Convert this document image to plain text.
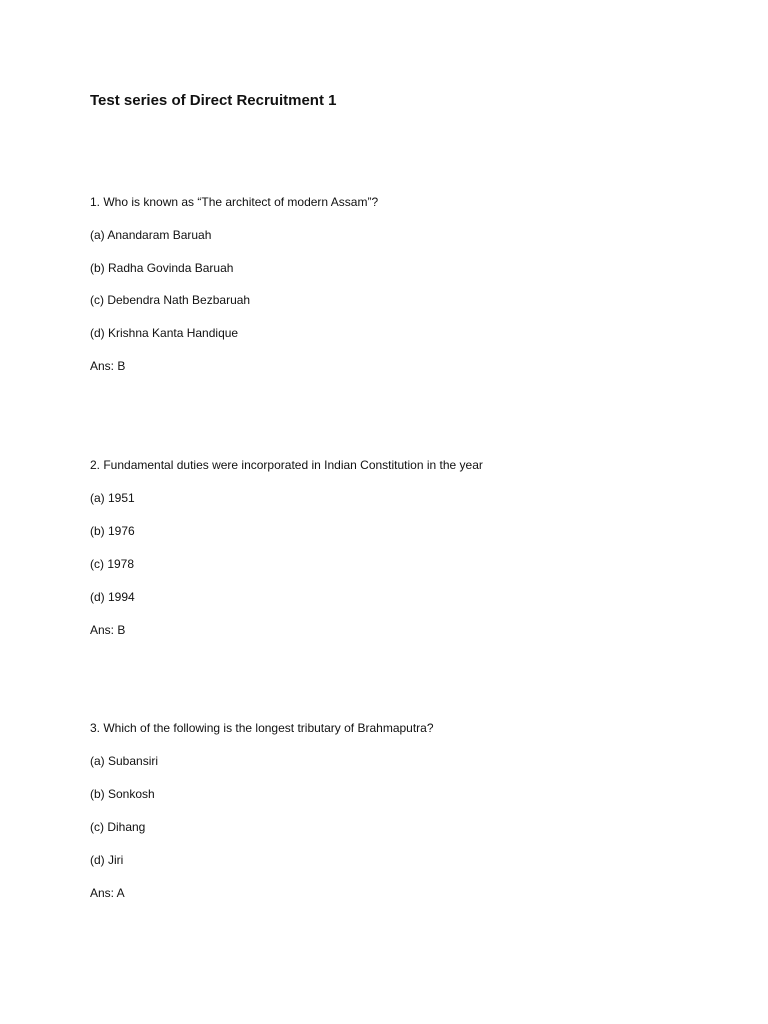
Test series of Direct Recruitment 1
1. Who is known as “The architect of modern Assam”?
(a) Anandaram Baruah
(b) Radha Govinda Baruah
(c) Debendra Nath Bezbaruah
(d) Krishna Kanta Handique
Ans: B
2. Fundamental duties were incorporated in Indian Constitution in the year
(a) 1951
(b) 1976
(c) 1978
(d) 1994
Ans: B
3. Which of the following is the longest tributary of Brahmaputra?
(a) Subansiri
(b) Sonkosh
(c) Dihang
(d) Jiri
Ans: A
